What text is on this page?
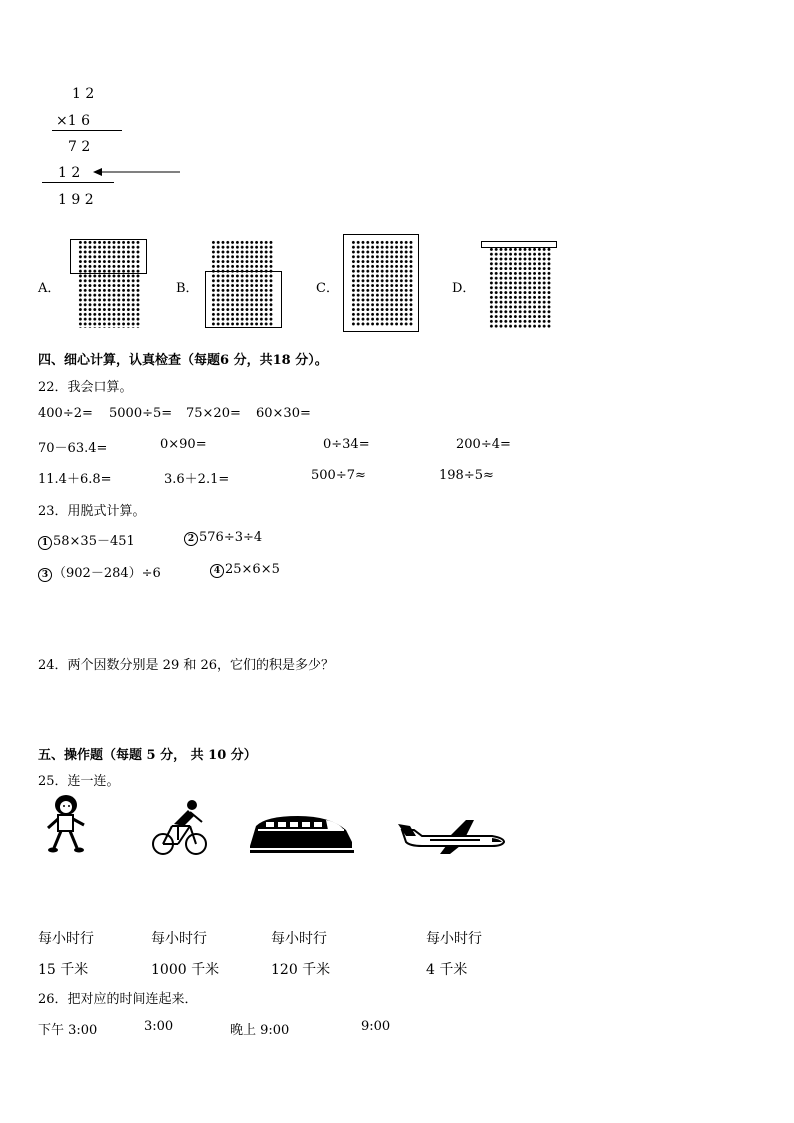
1 2
×1 6
7 2
1 2
1 9 2
A．	B．	C．	D．
四、细心计算，认真检查（每题6 分，共18 分）。
22．我会口算。
400÷2= 5000÷5= 75×20= 60×30=
70－63.4=	0×90=	0÷34=	200÷4=
11.4＋6.8=	3.6＋2.1=	500÷7≈	198÷5≈
23．用脱式计算。
1 58×35－451	2 576÷3÷4
3 （902－284）÷6	4 25×6×5
24．两个因数分别是 29 和 26，它们的积是多少？
五、操作题（每题 5 分， 共 10 分）
25．连一连。
每小时行	每小时行	每小时行	每小时行
15 千米	1000 千米	120 千米	4 千米
26．把对应的时间连起来．
下午 3:00	3:00	晚上 9:00	9:00
